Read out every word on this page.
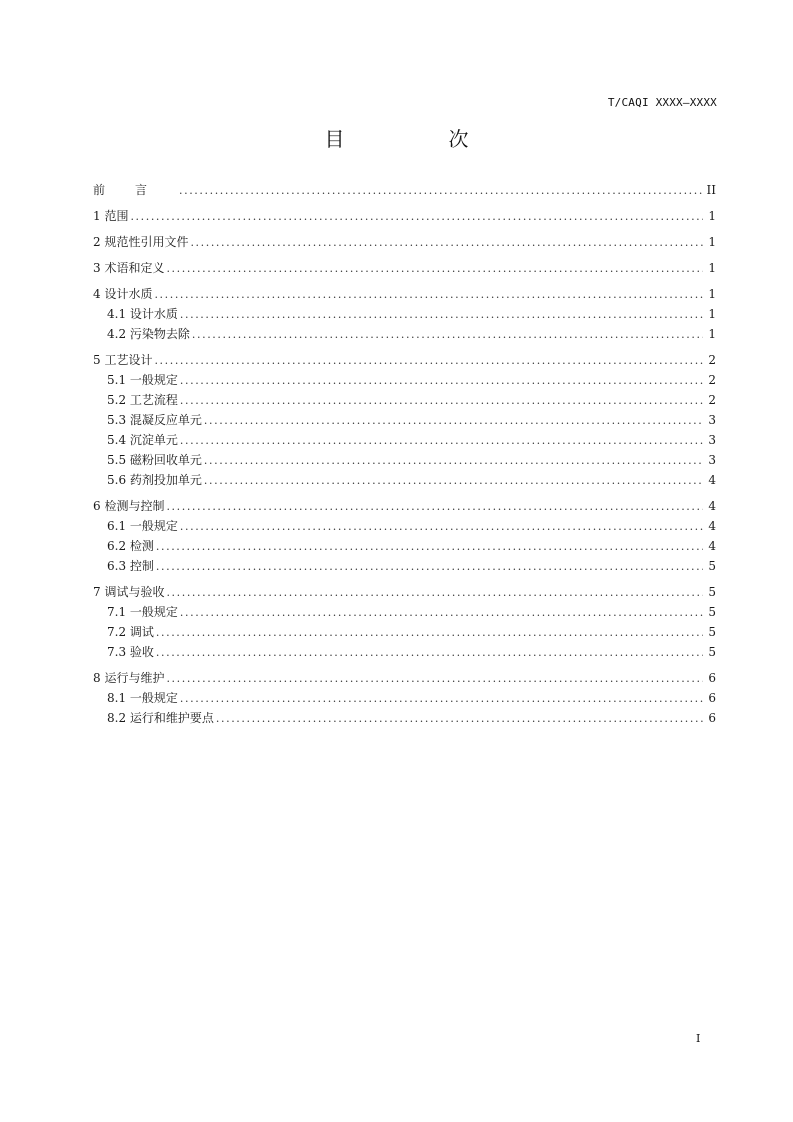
T/CAQI XXXX—XXXX
目　次
前言 .....	II
1 范围 .....	1
2 规范性引用文件 .....	1
3 术语和定义 .....	1
4 设计水质 .....	1
4.1 设计水质 .....	1
4.2 污染物去除 .....	1
5 工艺设计 .....	2
5.1 一般规定 .....	2
5.2 工艺流程 .....	2
5.3 混凝反应单元 .....	3
5.4 沉淀单元 .....	3
5.5 磁粉回收单元 .....	3
5.6 药剂投加单元 .....	4
6 检测与控制 .....	4
6.1 一般规定 .....	4
6.2 检测 .....	4
6.3 控制 .....	5
7 调试与验收 .....	5
7.1 一般规定 .....	5
7.2 调试 .....	5
7.3 验收 .....	5
8 运行与维护 .....	6
8.1 一般规定 .....	6
8.2 运行和维护要点 .....	6
I
